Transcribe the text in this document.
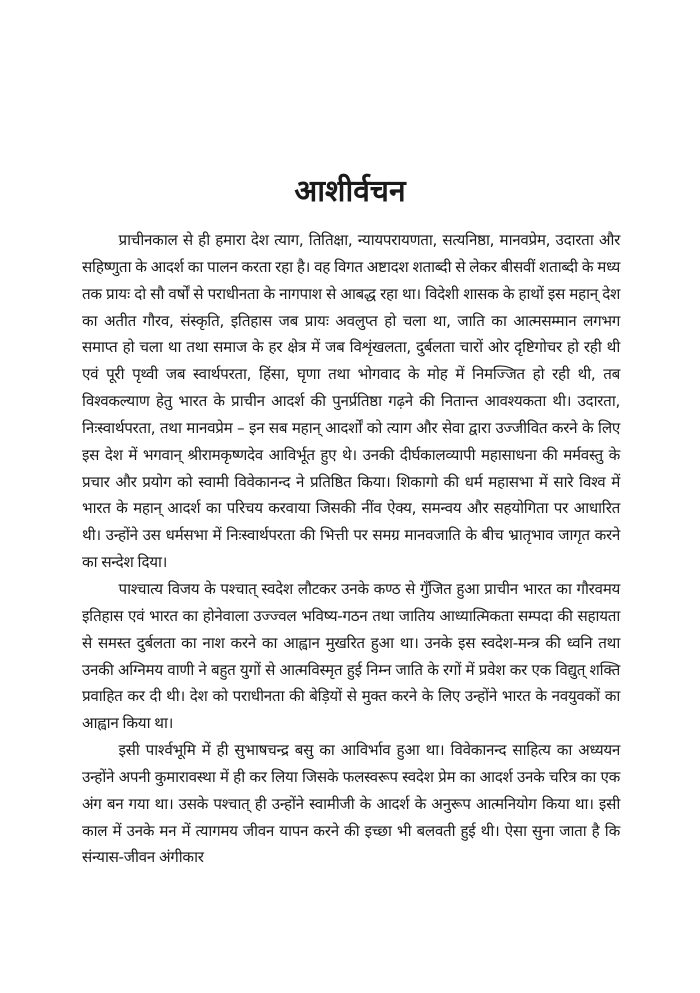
आशीर्वचन

प्राचीनकाल से ही हमारा देश त्याग, तितिक्षा, न्यायपरायणता, सत्यनिष्ठा, मानवप्रेम, उदारता और सहिष्णुता के आदर्श का पालन करता रहा है। वह विगत अष्टादश शताब्दी से लेकर बीसवीं शताब्दी के मध्य तक प्रायः दो सौ वर्षों से पराधीनता के नागपाश से आबद्ध रहा था। विदेशी शासक के हाथों इस महान् देश का अतीत गौरव, संस्कृति, इतिहास जब प्रायः अवलुप्त हो चला था, जाति का आत्मसम्मान लगभग समाप्त हो चला था तथा समाज के हर क्षेत्र में जब विशृंखलता, दुर्बलता चारों ओर दृष्टिगोचर हो रही थी एवं पूरी पृथ्वी जब स्वार्थपरता, हिंसा, घृणा तथा भोगवाद के मोह में निमज्जित हो रही थी, तब विश्वकल्याण हेतु भारत के प्राचीन आदर्श की पुनर्प्रतिष्ठा गढ़ने की नितान्त आवश्यकता थी। उदारता, निःस्वार्थपरता, तथा मानवप्रेम – इन सब महान् आदर्शों को त्याग और सेवा द्वारा उज्जीवित करने के लिए इस देश में भगवान् श्रीरामकृष्णदेव आविर्भूत हुए थे। उनकी दीर्घकालव्यापी महासाधना की मर्मवस्तु के प्रचार और प्रयोग को स्वामी विवेकानन्द ने प्रतिष्ठित किया। शिकागो की धर्म महासभा में सारे विश्व में भारत के महान् आदर्श का परिचय करवाया जिसकी नींव ऐक्य, समन्वय और सहयोगिता पर आधारित थी। उन्होंने उस धर्मसभा में निःस्वार्थपरता की भित्ती पर समग्र मानवजाति के बीच भ्रातृभाव जागृत करने का सन्देश दिया।

पाश्चात्य विजय के पश्चात् स्वदेश लौटकर उनके कण्ठ से गुँजित हुआ प्राचीन भारत का गौरवमय इतिहास एवं भारत का होनेवाला उज्ज्वल भविष्य-गठन तथा जातिय आध्यात्मिकता सम्पदा की सहायता से समस्त दुर्बलता का नाश करने का आह्वान मुखरित हुआ था। उनके इस स्वदेश-मन्त्र की ध्वनि तथा उनकी अग्निमय वाणी ने बहुत युगों से आत्मविस्मृत हुई निम्न जाति के रगों में प्रवेश कर एक विद्युत् शक्ति प्रवाहित कर दी थी। देश को पराधीनता की बेड़ियों से मुक्त करने के लिए उन्होंने भारत के नवयुवकों का आह्वान किया था।

इसी पार्श्वभूमि में ही सुभाषचन्द्र बसु का आविर्भाव हुआ था। विवेकानन्द साहित्य का अध्ययन उन्होंने अपनी कुमारावस्था में ही कर लिया जिसके फलस्वरूप स्वदेश प्रेम का आदर्श उनके चरित्र का एक अंग बन गया था। उसके पश्चात् ही उन्होंने स्वामीजी के आदर्श के अनुरूप आत्मनियोग किया था। इसी काल में उनके मन में त्यागमय जीवन यापन करने की इच्छा भी बलवती हुई थी। ऐसा सुना जाता है कि संन्यास-जीवन अंगीकार
